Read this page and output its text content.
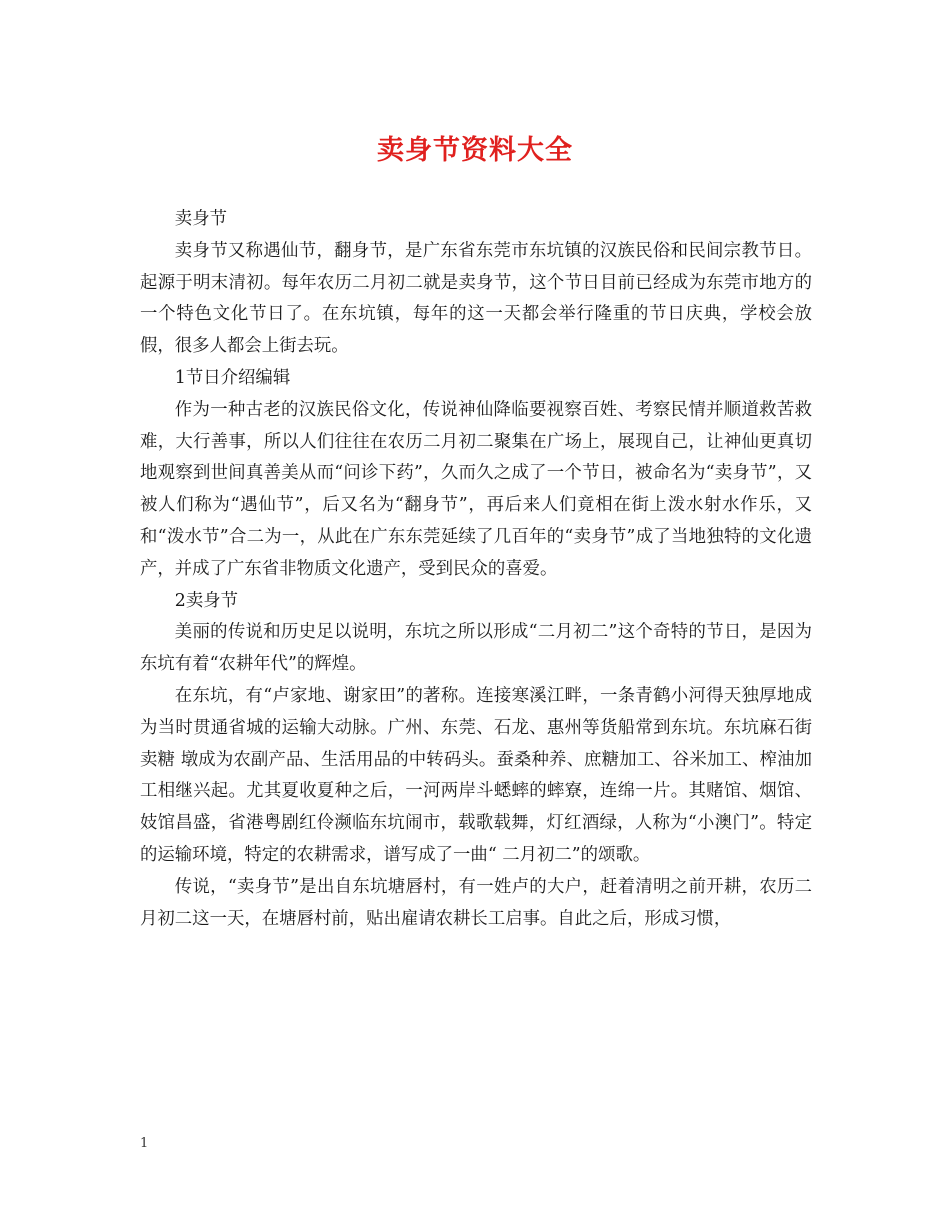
卖身节资料大全

卖身节

卖身节又称遇仙节，翻身节，是广东省东莞市东坑镇的汉族民俗和民间宗教节日。起源于明末清初。每年农历二月初二就是卖身节，这个节日目前已经成为东莞市地方的一个特色文化节日了。在东坑镇，每年的这一天都会举行隆重的节日庆典，学校会放假，很多人都会上街去玩。

1节日介绍编辑

作为一种古老的汉族民俗文化，传说神仙降临要视察百姓、考察民情并顺道救苦救难，大行善事，所以人们往往在农历二月初二聚集在广场上，展现自己，让神仙更真切地观察到世间真善美从而“问诊下药”，久而久之成了一个节日，被命名为“卖身节”，又被人们称为“遇仙节”，后又名为“翻身节”，再后来人们竟相在街上泼水射水作乐，又和“泼水节”合二为一，从此在广东东莞延续了几百年的“卖身节”成了当地独特的文化遗产，并成了广东省非物质文化遗产，受到民众的喜爱。

2卖身节

美丽的传说和历史足以说明，东坑之所以形成“二月初二”这个奇特的节日，是因为东坑有着“农耕年代”的辉煌。

在东坑，有“卢家地、谢家田”的著称。连接寒溪江畔，一条青鹤小河得天独厚地成为当时贯通省城的运输大动脉。广州、东莞、石龙、惠州等货船常到东坑。东坑麻石街卖糖 墩成为农副产品、生活用品的中转码头。蚕桑种养、庶糖加工、谷米加工、榨油加工相继兴起。尤其夏收夏种之后，一河两岸斗蟋蟀的蟀寮，连绵一片。其赌馆、烟馆、妓馆昌盛，省港粤剧红伶濒临东坑闹市，载歌载舞，灯红酒绿，人称为“小澳门”。特定的运输环境，特定的农耕需求，谱写成了一曲“ 二月初二”的颂歌。

传说，“卖身节”是出自东坑塘唇村，有一姓卢的大户，赶着清明之前开耕，农历二月初二这一天，在塘唇村前，贴出雇请农耕长工启事。自此之后，形成习惯，

1
